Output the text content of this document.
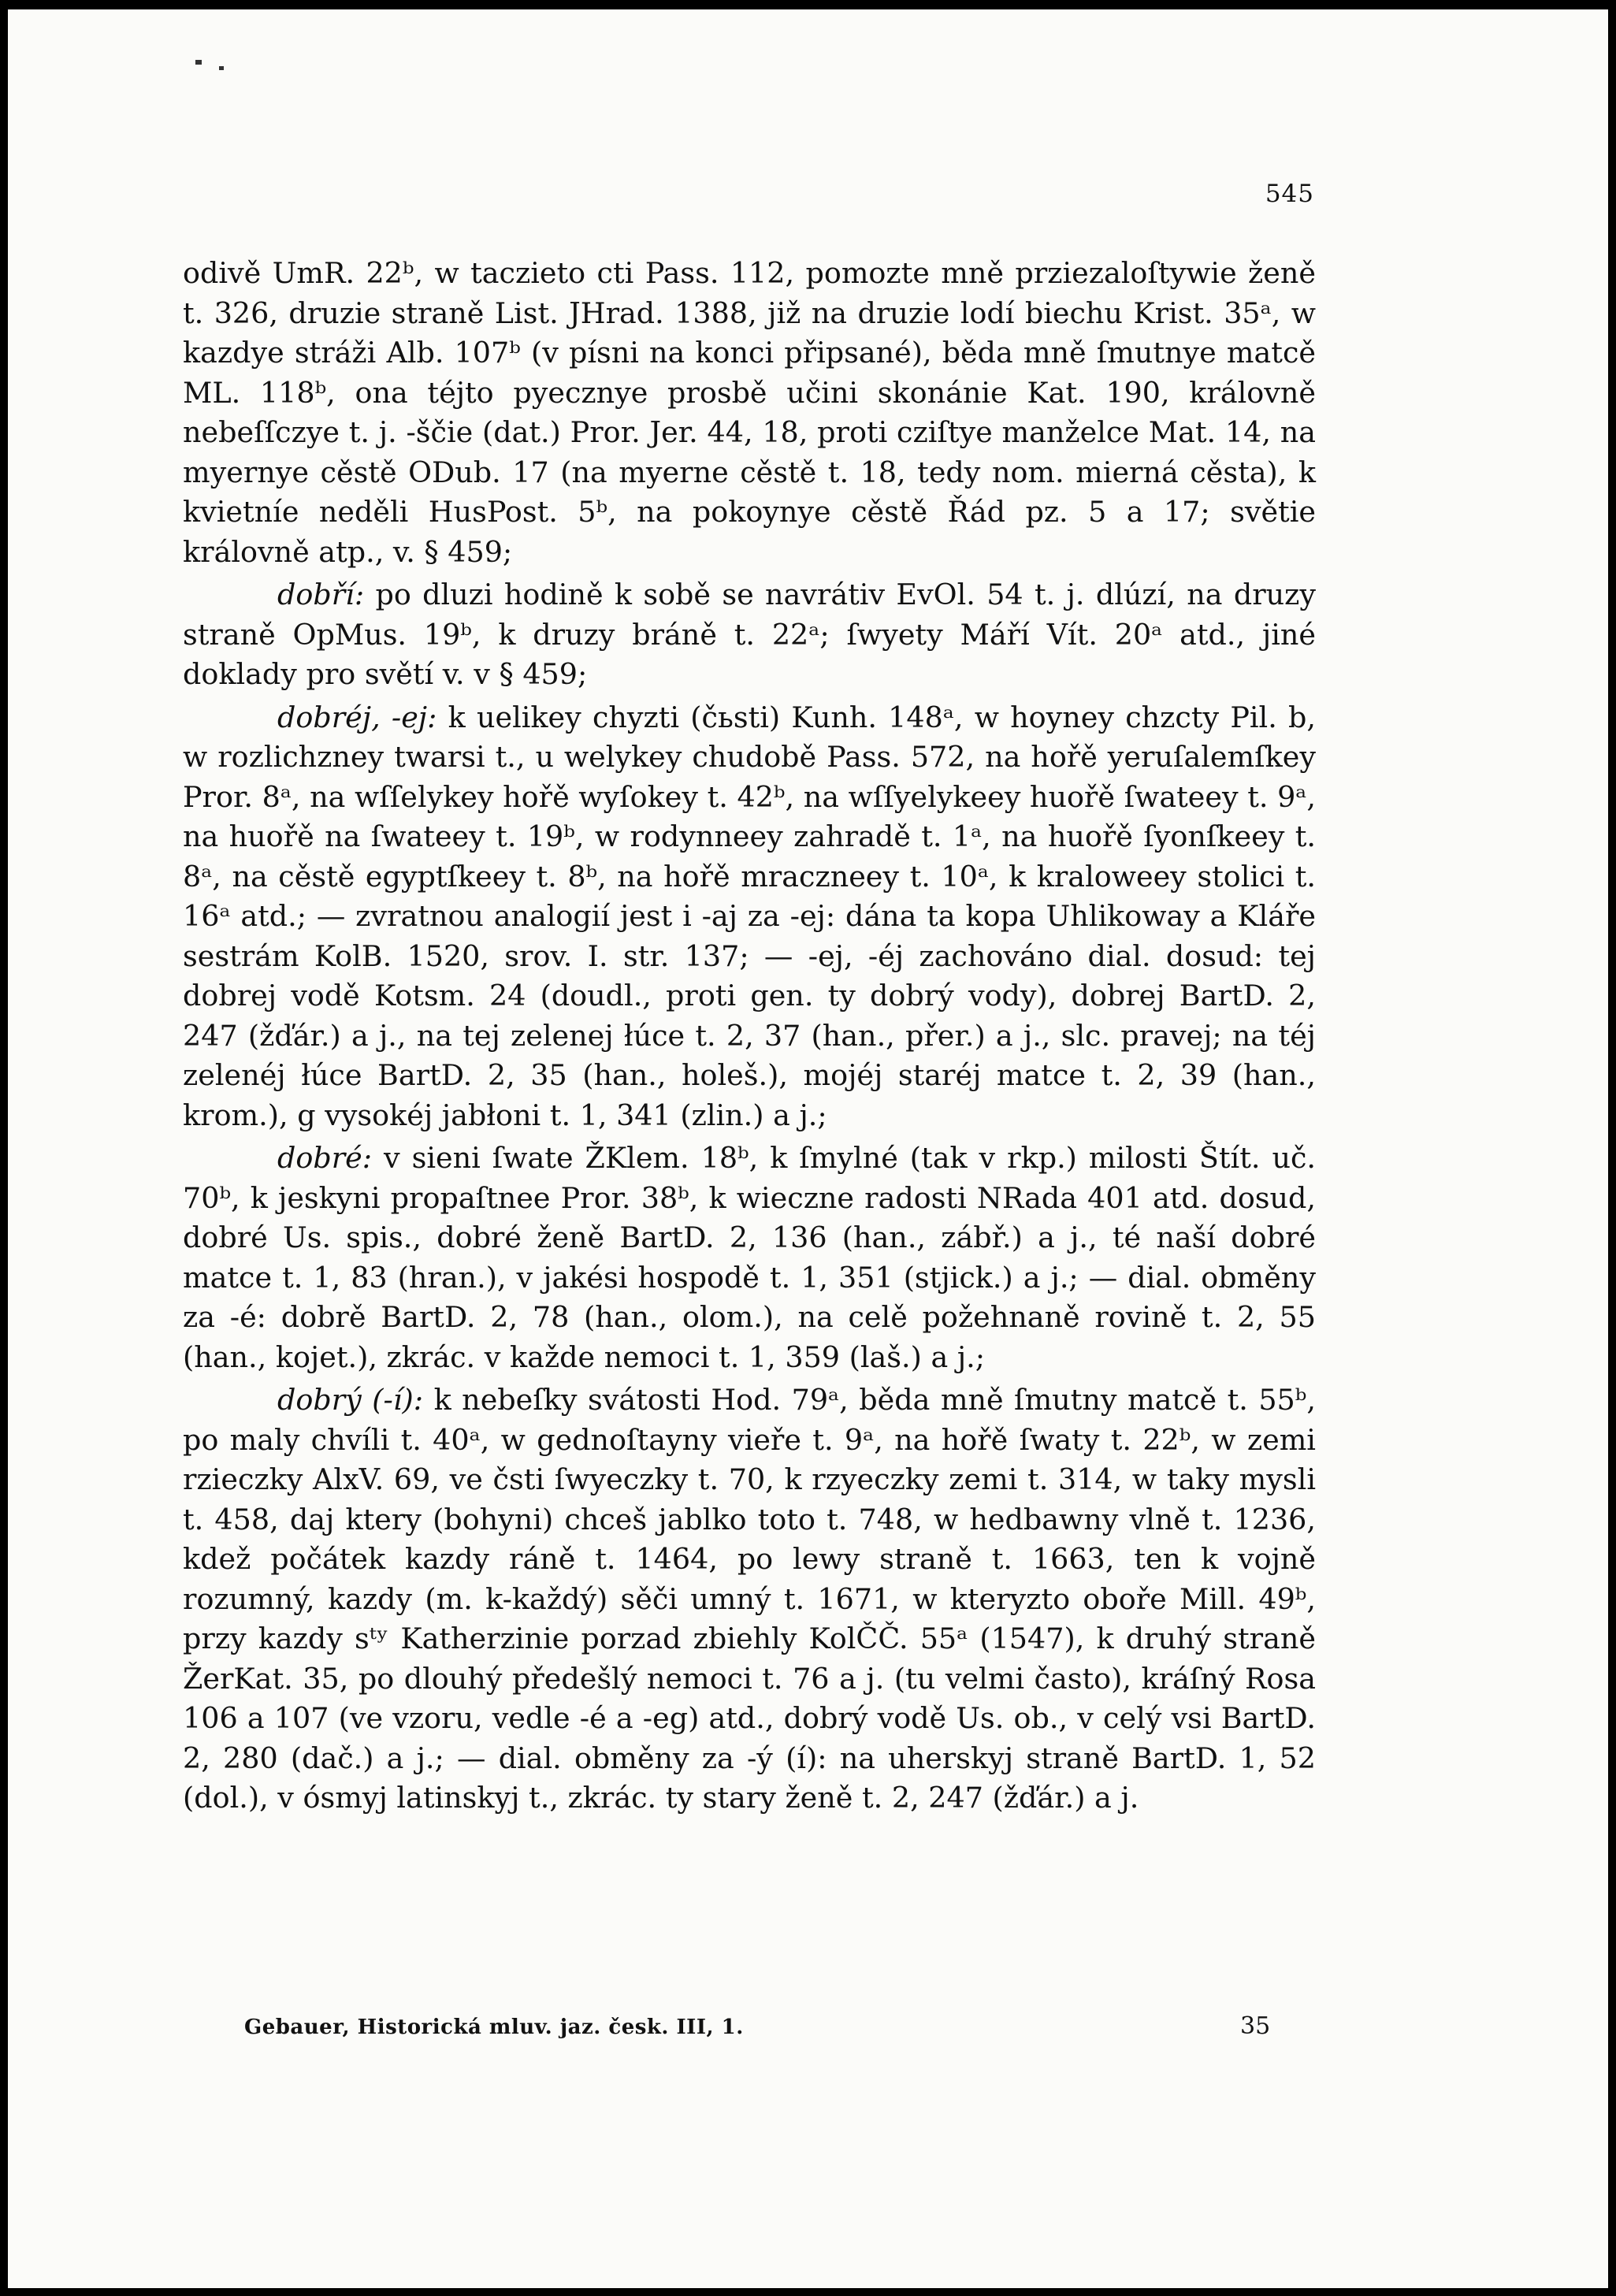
545

odivě UmR. 22ᵇ, w taczieto cti Pass. 112, pomozte mně prziezaloſtywie ženě t. 326, druzie straně List. JHrad. 1388, již na druzie lodí biechu Krist. 35ᵃ, w kazdye stráži Alb. 107ᵇ (v písni na konci připsané), běda mně ſmutnye matcě ML. 118ᵇ, ona téjto pyecznye prosbě učini skonánie Kat. 190, královně nebeſſczye t. j. -ščie (dat.) Pror. Jer. 44, 18, proti cziſtye manželce Mat. 14, na myernye cěstě ODub. 17 (na myerne cěstě t. 18, tedy nom. mierná cěsta), k kvietníe neděli HusPost. 5ᵇ, na pokoynye cěstě Řád pz. 5 a 17; světie královně atp., v. § 459;

dobří: po dluzi hodině k sobě se navrátiv EvOl. 54 t. j. dlúzí, na druzy straně OpMus. 19ᵇ, k druzy bráně t. 22ᵃ; ſwyety Máří Vít. 20ᵃ atd., jiné doklady pro světí v. v § 459;

dobréj, -ej: k uelikey chyzti (čьsti) Kunh. 148ᵃ, w hoyney chzcty Pil. b, w rozlichzney twarsi t., u welykey chudobě Pass. 572, na hořě yeruſalemſkey Pror. 8ᵃ, na wſſelykey hořě wyſokey t. 42ᵇ, na wſſyelykeey huořě ſwateey t. 9ᵃ, na huořě na ſwateey t. 19ᵇ, w rodynneey zahradě t. 1ᵃ, na huořě ſyonſkeey t. 8ᵃ, na cěstě egyptſkeey t. 8ᵇ, na hořě mraczneey t. 10ᵃ, k kraloweey stolici t. 16ᵃ atd.; — zvratnou analogií jest i -aj za -ej: dána ta kopa Uhlikoway a Kláře sestrám KolB. 1520, srov. I. str. 137; — -ej, -éj zachováno dial. dosud: tej dobrej vodě Kotsm. 24 (doudl., proti gen. ty dobrý vody), dobrej BartD. 2, 247 (žďár.) a j., na tej zelenej łúce t. 2, 37 (han., přer.) a j., slc. pravej; na téj zelenéj łúce BartD. 2, 35 (han., holeš.), mojéj staréj matce t. 2, 39 (han., krom.), g vysokéj jabłoni t. 1, 341 (zlin.) a j.;

dobré: v sieni ſwate ŽKlem. 18ᵇ, k ſmylné (tak v rkp.) milosti Štít. uč. 70ᵇ, k jeskyni propaſtnee Pror. 38ᵇ, k wieczne radosti NRada 401 atd. dosud, dobré Us. spis., dobré ženě BartD. 2, 136 (han., zábř.) a j., té naší dobré matce t. 1, 83 (hran.), v jakési hospodě t. 1, 351 (stjick.) a j.; — dial. obměny za -é: dobrě BartD. 2, 78 (han., olom.), na celě požehnaně rovině t. 2, 55 (han., kojet.), zkrác. v každe nemoci t. 1, 359 (laš.) a j.;

dobrý (-í): k nebeſky svátosti Hod. 79ᵃ, běda mně ſmutny matcě t. 55ᵇ, po maly chvíli t. 40ᵃ, w gednoſtayny vieře t. 9ᵃ, na hořě ſwaty t. 22ᵇ, w zemi rzieczky AlxV. 69, ve čsti ſwyeczky t. 70, k rzyeczky zemi t. 314, w taky mysli t. 458, daj ktery (bohyni) chceš jablko toto t. 748, w hedbawny vlně t. 1236, kdež počátek kazdy ráně t. 1464, po lewy straně t. 1663, ten k vojně rozumný, kazdy (m. k-každý) sěči umný t. 1671, w kteryzto oboře Mill. 49ᵇ, przy kazdy sᵗʸ Katherzinie porzad zbiehly KolČČ. 55ᵃ (1547), k druhý straně ŽerKat. 35, po dlouhý předešlý nemoci t. 76 a j. (tu velmi často), kráſný Rosa 106 a 107 (ve vzoru, vedle -é a -eg) atd., dobrý vodě Us. ob., v celý vsi BartD. 2, 280 (dač.) a j.; — dial. obměny za -ý (í): na uherskyj straně BartD. 1, 52 (dol.), v ósmyj latinskyj t., zkrác. ty stary ženě t. 2, 247 (žďár.) a j.

Gebauer, Historická mluv. jaz. česk. III, 1.	35
